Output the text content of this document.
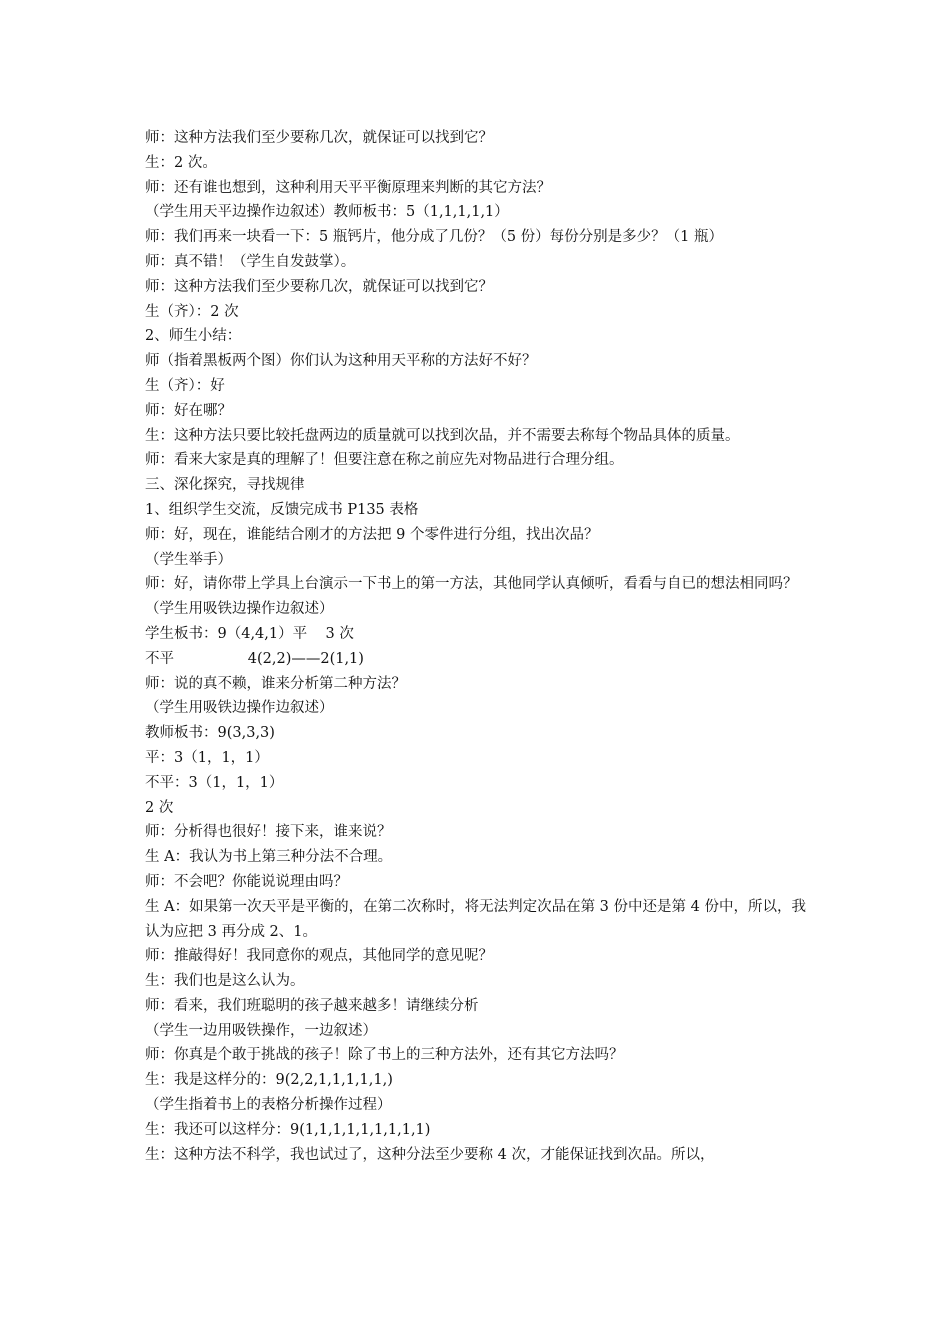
师：这种方法我们至少要称几次，就保证可以找到它？
生：2 次。
师：还有谁也想到，这种利用天平平衡原理来判断的其它方法？
（学生用天平边操作边叙述）教师板书：5（1,1,1,1,1）
师：我们再来一块看一下：5 瓶钙片，他分成了几份？（5 份）每份分别是多少？（1 瓶）
师：真不错！（学生自发鼓掌）。
师：这种方法我们至少要称几次，就保证可以找到它？
生（齐）：2 次
2、师生小结：
师（指着黑板两个图）你们认为这种用天平称的方法好不好？
生（齐）：好
师：好在哪？
生：这种方法只要比较托盘两边的质量就可以找到次品，并不需要去称每个物品具体的质量。
师：看来大家是真的理解了！但要注意在称之前应先对物品进行合理分组。
三、深化探究，寻找规律
1、组织学生交流，反馈完成书 P135 表格
师：好，现在，谁能结合刚才的方法把 9 个零件进行分组，找出次品？
（学生举手）
师：好，请你带上学具上台演示一下书上的第一方法，其他同学认真倾听，看看与自已的想法相同吗？
（学生用吸铁边操作边叙述）
学生板书：9（4,4,1）平    3 次
不平                4(2,2)——2(1,1)
师：说的真不赖，谁来分析第二种方法？
（学生用吸铁边操作边叙述）
教师板书：9(3,3,3)
平：3（1，1，1）
不平：3（1，1，1）
2 次
师：分析得也很好！接下来，谁来说？
生 A：我认为书上第三种分法不合理。
师：不会吧？你能说说理由吗？
生 A：如果第一次天平是平衡的，在第二次称时，将无法判定次品在第 3 份中还是第 4 份中，所以，我认为应把 3 再分成 2、1。
师：推敲得好！我同意你的观点，其他同学的意见呢？
生：我们也是这么认为。
师：看来，我们班聪明的孩子越来越多！请继续分析
（学生一边用吸铁操作，一边叙述）
师：你真是个敢于挑战的孩子！除了书上的三种方法外，还有其它方法吗？
生：我是这样分的：9(2,2,1,1,1,1,1,)
（学生指着书上的表格分析操作过程）
生：我还可以这样分：9(1,1,1,1,1,1,1,1,1)
生：这种方法不科学，我也试过了，这种分法至少要称 4 次，才能保证找到次品。所以，
